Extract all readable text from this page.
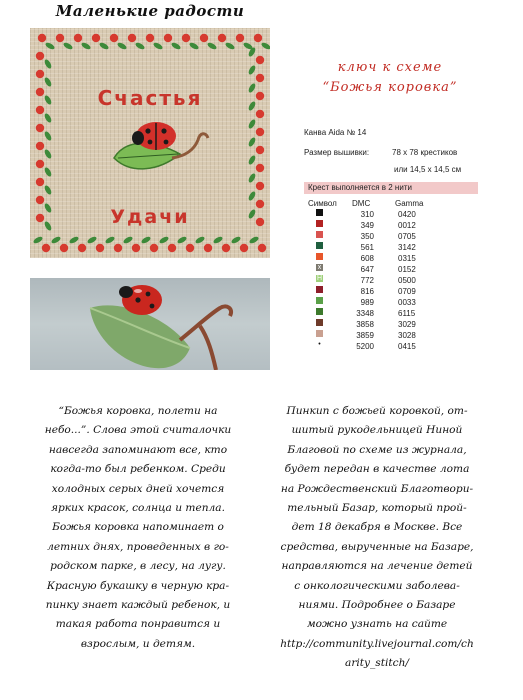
Маленькие радости
Счастья
Удачи
ключ к схеме
“Божья коровка”
Канва Aida № 14
Размер вышивки:	78 x 78 крестиков
или 14,5 x 14,5 см
Крест выполняется в 2 нити
Символ DMC	Gamma
310	0420
349	0012
350	0705
561	3142
608	0315
x	647	0152
H	772	0500
816	0709
989	0033
3348	6115
3858	3029
3859	3028
•	5200	0415

“Божья коровка, полети на

небо...”. Слова этой считалочки

навсегда запоминают все, кто

когда-то был ребенком. Среди

холодных серых дней хочется

ярких красок, солнца и тепла.

Божья коровка напоминает о

летних днях, проведенных в го-

родском парке, в лесу, на лугу.

Красную букашку в черную кра-

пинку знает каждый ребенок, и

такая работа понравится и

взрослым, и детям.

Пинкип с божьей коровкой, от-

шитый рукодельницей Ниной

Благовой по схеме из журнала,

будет передан в качестве лота

на Рождественский Благотвори-

тельный Базар, который прой-

дет 18 декабря в Москве. Все

средства, вырученные на Базаре,

направляются на лечение детей

с онкологическими заболева-

ниями. Подробнее о Базаре

можно узнать на сайте

http://community.livejournal.com/ch

arity_stitch/
